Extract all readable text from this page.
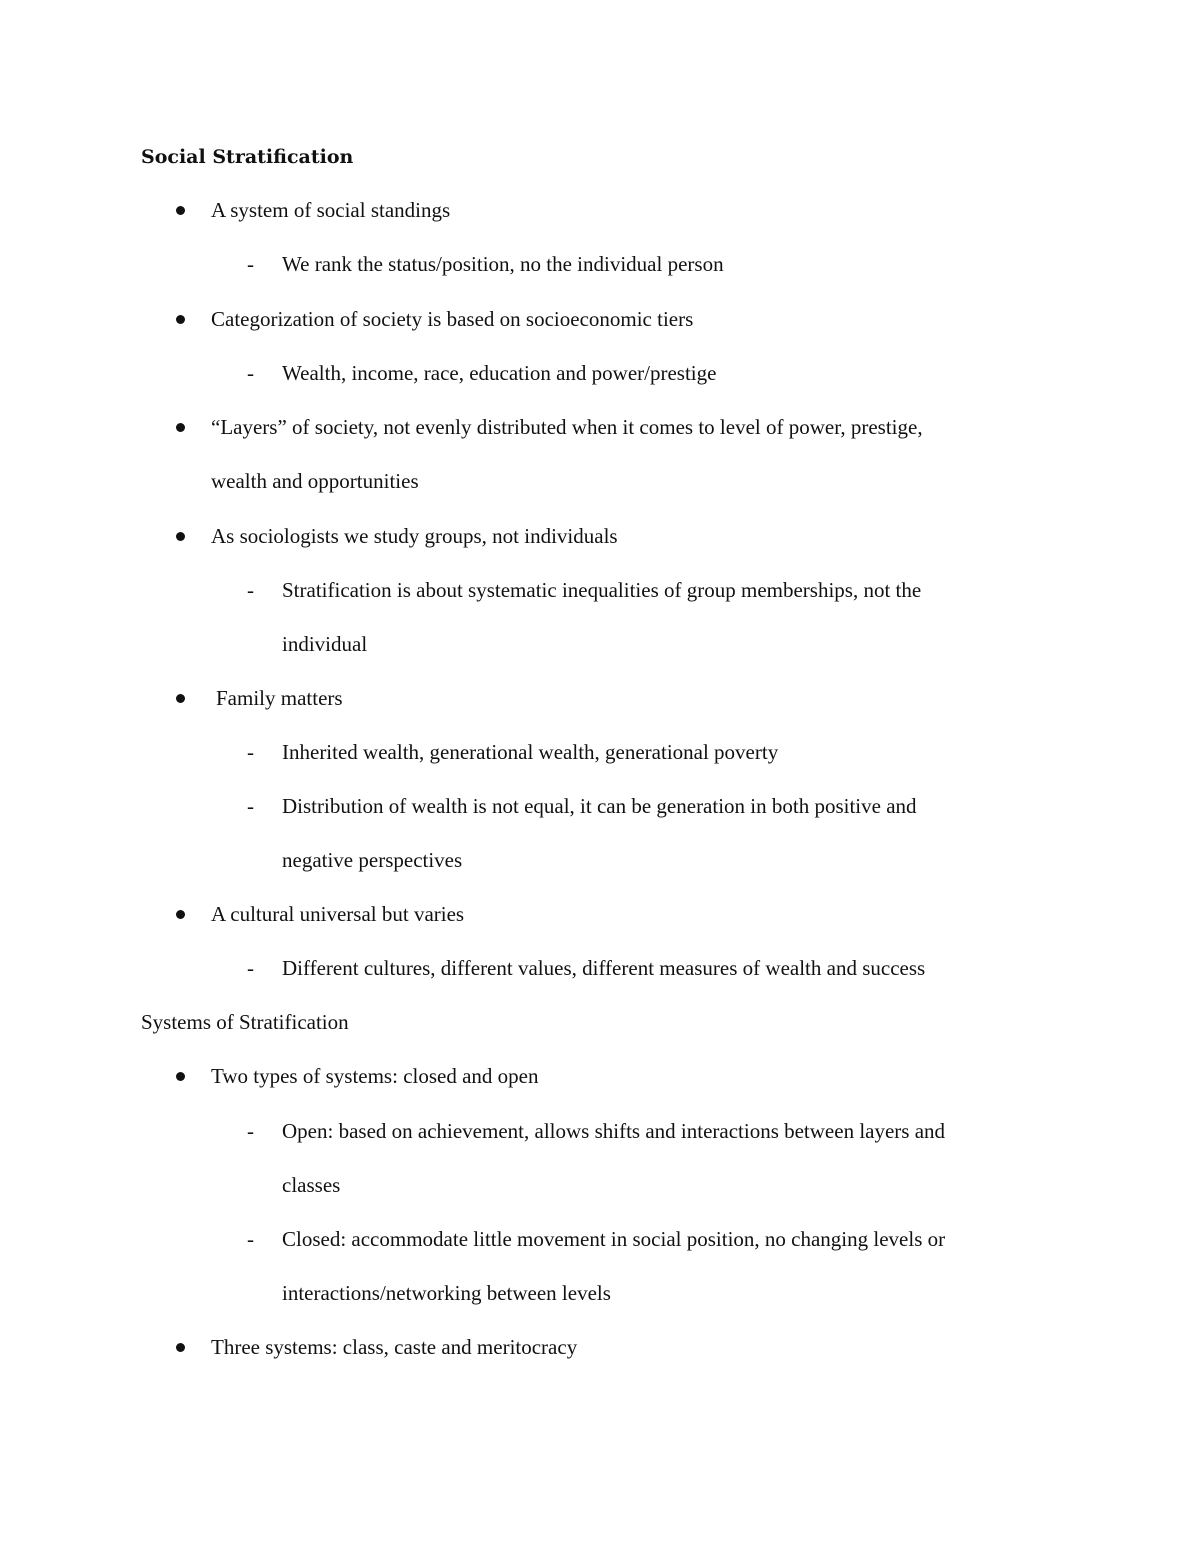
Social Stratification
A system of social standings
- We rank the status/position, no the individual person
Categorization of society is based on socioeconomic tiers
- Wealth, income, race, education and power/prestige
“Layers” of society, not evenly distributed when it comes to level of power, prestige,
wealth and opportunities
As sociologists we study groups, not individuals
- Stratification is about systematic inequalities of group memberships, not the
individual
Family matters
- Inherited wealth, generational wealth, generational poverty
- Distribution of wealth is not equal, it can be generation in both positive and
negative perspectives
A cultural universal but varies
- Different cultures, different values, different measures of wealth and success
Systems of Stratification
Two types of systems: closed and open
- Open: based on achievement, allows shifts and interactions between layers and
classes
- Closed: accommodate little movement in social position, no changing levels or
interactions/networking between levels
Three systems: class, caste and meritocracy
